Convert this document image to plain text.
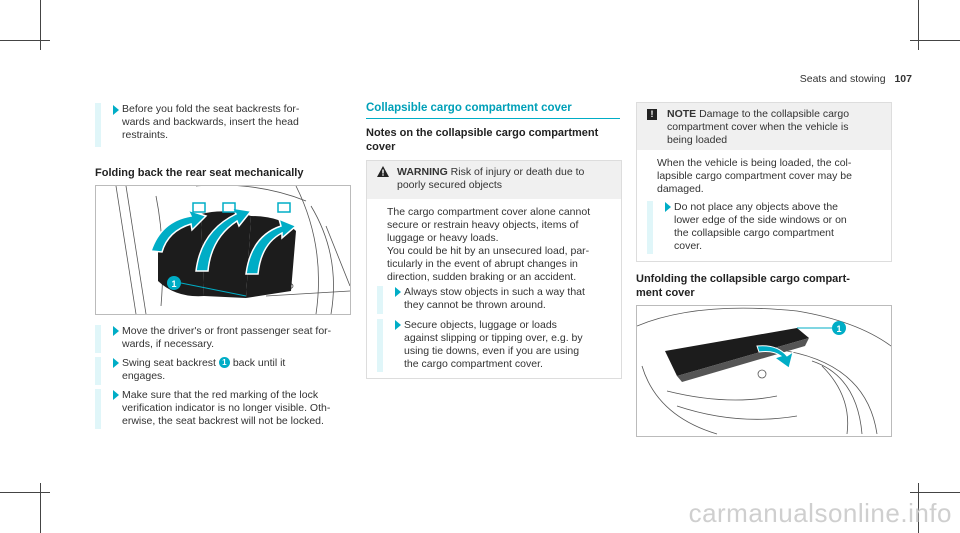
Seats and stowing 107
Before you fold the seat backrests for-
wards and backwards, insert the head
restraints.
Folding back the rear seat mechanically
1
Move the driver's or front passenger seat for-
wards, if necessary.
Swing seat backrest 1 back until it
engages.
Make sure that the red marking of the lock
verification indicator is no longer visible. Oth-
erwise, the seat backrest will not be locked.
Collapsible cargo compartment cover
Notes on the collapsible cargo compartment
cover
WARNING Risk of injury or death due to
poorly secured objects
The cargo compartment cover alone cannot
secure or restrain heavy objects, items of
luggage or heavy loads.
You could be hit by an unsecured load, par-
ticularly in the event of abrupt changes in
direction, sudden braking or an accident.
Always stow objects in such a way that
they cannot be thrown around.
Secure objects, luggage or loads
against slipping or tipping over, e.g. by
using tie downs, even if you are using
the cargo compartment cover.
!	NOTE Damage to the collapsible cargo
compartment cover when the vehicle is
being loaded
When the vehicle is being loaded, the col-
lapsible cargo compartment cover may be
damaged.
Do not place any objects above the
lower edge of the side windows or on
the collapsible cargo compartment
cover.
Unfolding the collapsible cargo compart-
ment cover
1
carmanualsonline.info
